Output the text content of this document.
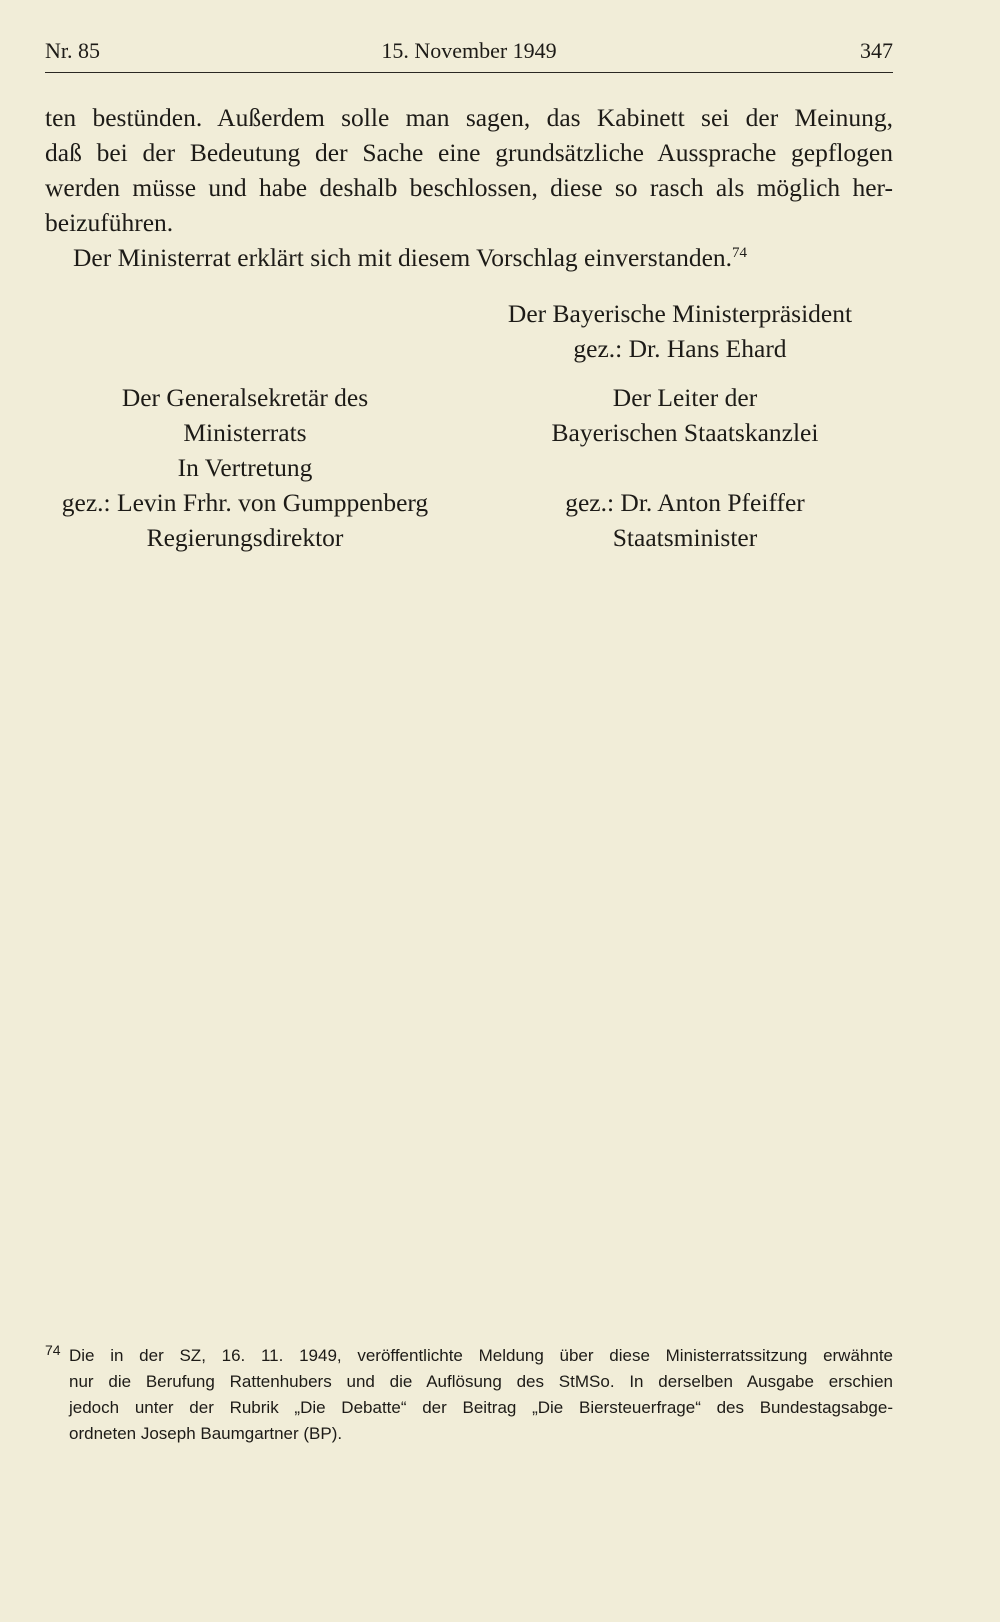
Nr. 85	15. November 1949	347
ten bestünden. Außerdem solle man sagen, das Kabinett sei der Meinung,
daß bei der Bedeutung der Sache eine grundsätzliche Aussprache gepflogen
werden müsse und habe deshalb beschlossen, diese so rasch als möglich her-
beizuführen.
Der Ministerrat erklärt sich mit diesem Vorschlag einverstanden.$^{74}$
Der Bayerische Ministerpräsident
gez.: Dr. Hans Ehard
Der Generalsekretär des
Ministerrats
In Vertretung
gez.: Levin Frhr. von Gumppenberg
Regierungsdirektor
Der Leiter der
Bayerischen Staatskanzlei

gez.: Dr. Anton Pfeiffer
Staatsminister
74 Die in der SZ, 16. 11. 1949, veröffentlichte Meldung über diese Ministerratssitzung erwähnte
nur die Berufung Rattenhubers und die Auflösung des StMSo. In derselben Ausgabe erschien
jedoch unter der Rubrik „Die Debatte“ der Beitrag „Die Biersteuerfrage“ des Bundestagsabge-
ordneten Joseph Baumgartner (BP).
